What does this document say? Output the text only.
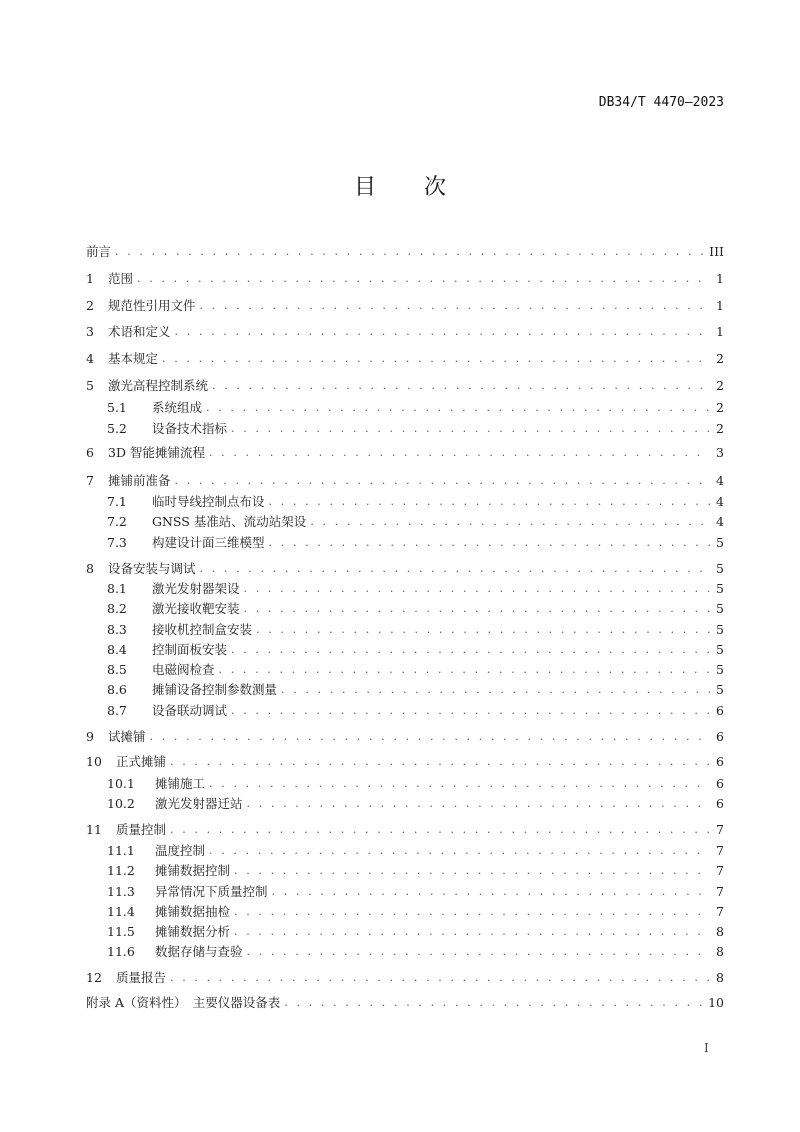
DB34/T 4470—2023
目 次
前言 . . .	III
1	范围 . . .	1
2	规范性引用文件 . . .	1
3	术语和定义 . . .	1
4	基本规定 . . .	2
5	激光高程控制系统 . . .	2
5.1	系统组成 . . .	2
5.2	设备技术指标 . . .	2
6	3D 智能摊铺流程 . . .	3
7	摊铺前准备 . . .	4
7.1	临时导线控制点布设 . . .	4
7.2	GNSS 基准站、流动站架设 . . .	4
7.3	构建设计面三维模型 . . .	5
8	设备安装与调试 . . .	5
8.1	激光发射器架设 . . .	5
8.2	激光接收靶安装 . . .	5
8.3	接收机控制盒安装 . . .	5
8.4	控制面板安装 . . .	5
8.5	电磁阀检查 . . .	5
8.6	摊铺设备控制参数测量 . . .	5
8.7	设备联动调试 . . .	6
9	试摊铺 . . .	6
10	正式摊铺 . . .	6
10.1	摊铺施工 . . .	6
10.2	激光发射器迁站 . . .	6
11	质量控制 . . .	7
11.1	温度控制 . . .	7
11.2	摊铺数据控制 . . .	7
11.3	异常情况下质量控制 . . .	7
11.4	摊铺数据抽检 . . .	7
11.5	摊铺数据分析 . . .	8
11.6	数据存储与查验 . . .	8
12	质量报告 . . .	8
附录 A（资料性）　主要仪器设备表 . . .	10
I
